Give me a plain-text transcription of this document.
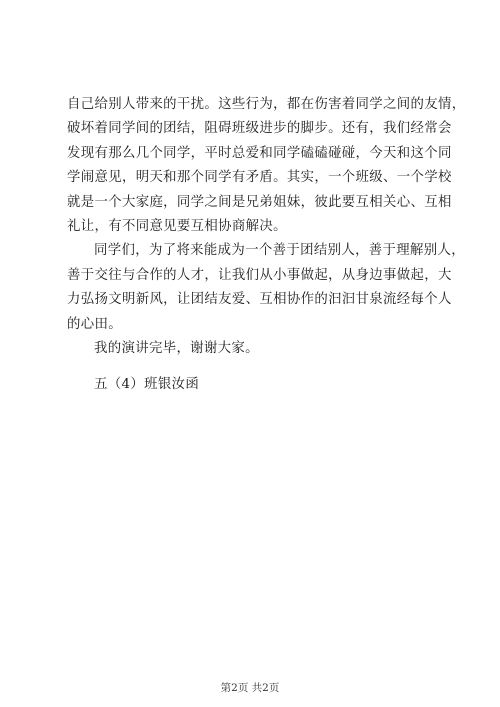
自己给别人带来的干扰。这些行为，都在伤害着同学之间的友情，
破坏着同学间的团结，阻碍班级进步的脚步。还有，我们经常会
发现有那么几个同学，平时总爱和同学磕磕碰碰，今天和这个同
学闹意见，明天和那个同学有矛盾。其实，一个班级、一个学校
就是一个大家庭，同学之间是兄弟姐妹，彼此要互相关心、互相
礼让，有不同意见要互相协商解决。

同学们，为了将来能成为一个善于团结别人，善于理解别人，
善于交往与合作的人才，让我们从小事做起，从身边事做起，大
力弘扬文明新风，让团结友爱、互相协作的汩汩甘泉流经每个人
的心田。

我的演讲完毕，谢谢大家。

五（4）班银汝函
第2页 共2页
